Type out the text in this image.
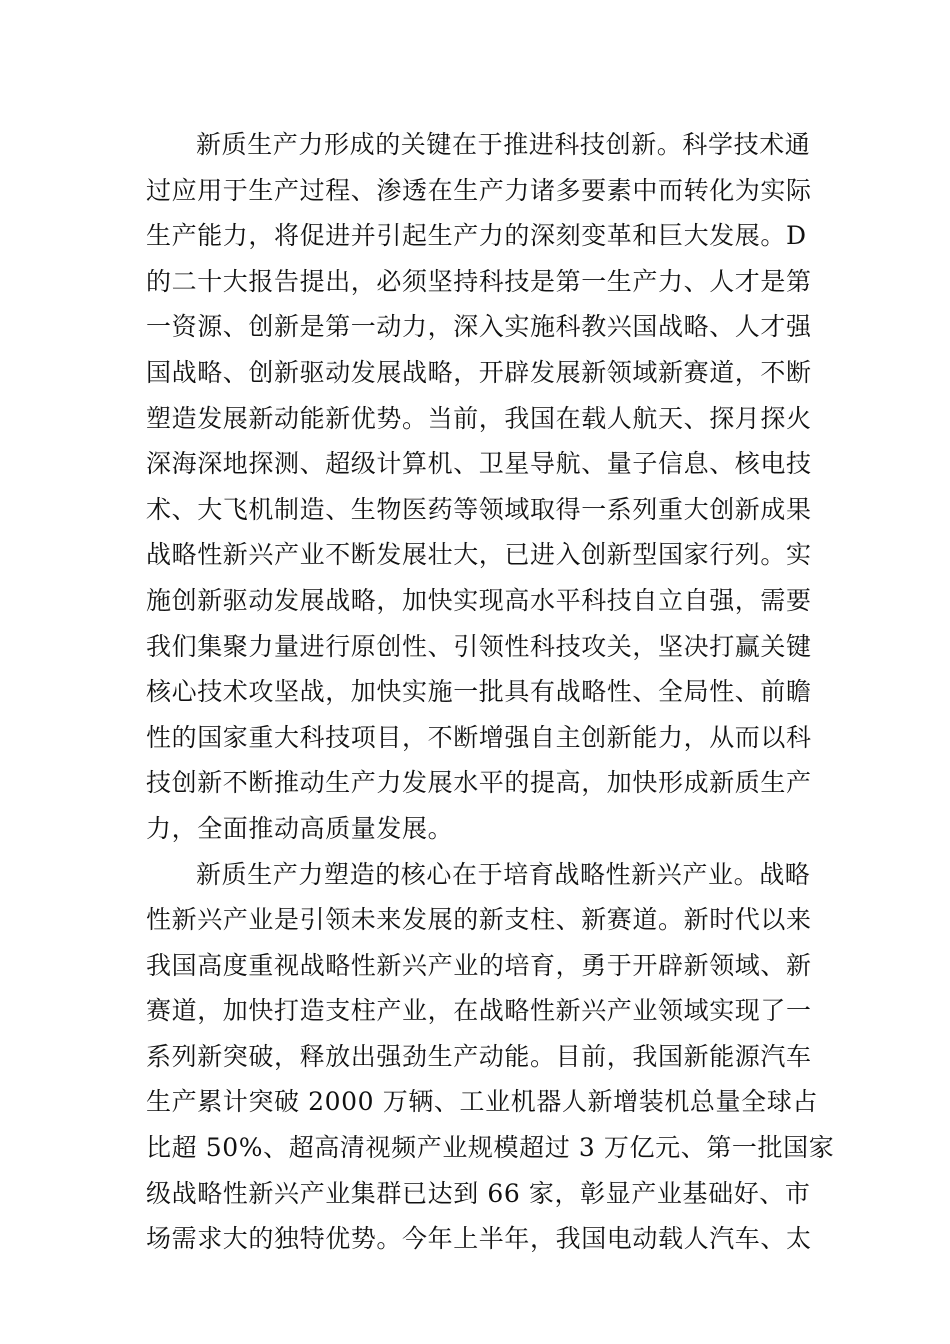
新质生产力形成的关键在于推进科技创新。科学技术通
过应用于生产过程、渗透在生产力诸多要素中而转化为实际
生产能力，将促进并引起生产力的深刻变革和巨大发展。D
的二十大报告提出，必须坚持科技是第一生产力、人才是第
一资源、创新是第一动力，深入实施科教兴国战略、人才强
国战略、创新驱动发展战略，开辟发展新领域新赛道，不断
塑造发展新动能新优势。当前，我国在载人航天、探月探火
深海深地探测、超级计算机、卫星导航、量子信息、核电技
术、大飞机制造、生物医药等领域取得一系列重大创新成果
战略性新兴产业不断发展壮大，已进入创新型国家行列。实
施创新驱动发展战略，加快实现高水平科技自立自强，需要
我们集聚力量进行原创性、引领性科技攻关，坚决打赢关键
核心技术攻坚战，加快实施一批具有战略性、全局性、前瞻
性的国家重大科技项目，不断增强自主创新能力，从而以科
技创新不断推动生产力发展水平的提高，加快形成新质生产
力，全面推动高质量发展。
新质生产力塑造的核心在于培育战略性新兴产业。战略
性新兴产业是引领未来发展的新支柱、新赛道。新时代以来
我国高度重视战略性新兴产业的培育，勇于开辟新领域、新
赛道，加快打造支柱产业，在战略性新兴产业领域实现了一
系列新突破，释放出强劲生产动能。目前，我国新能源汽车
生产累计突破 2000 万辆、工业机器人新增装机总量全球占
比超 50%、超高清视频产业规模超过 3 万亿元、第一批国家
级战略性新兴产业集群已达到 66 家，彰显产业基础好、市
场需求大的独特优势。今年上半年，我国电动载人汽车、太
